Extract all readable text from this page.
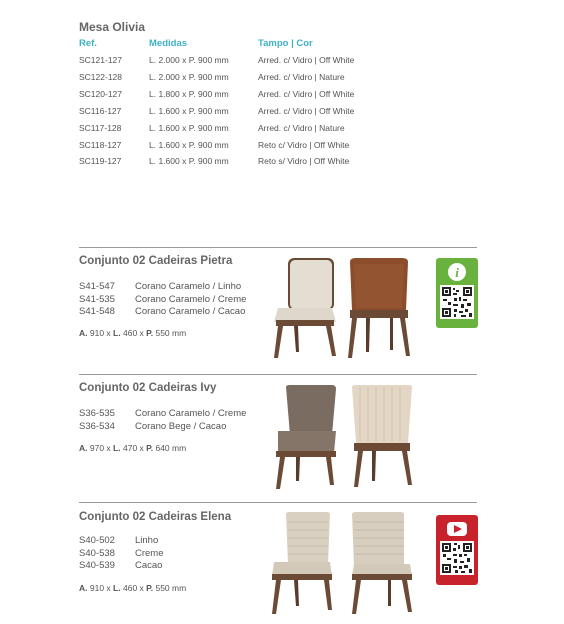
Mesa Olivia
Ref.	Medidas	Tampo | Cor
SC121-127	L. 2.000 x P. 900 mm	Arred. c/ Vidro | Off White
SC122-128	L. 2.000 x P. 900 mm	Arred. c/ Vidro | Nature
SC120-127	L. 1.800 x P. 900 mm	Arred. c/ Vidro | Off White
SC116-127	L. 1.600 x P. 900 mm	Arred. c/ Vidro | Off White
SC117-128	L. 1.600 x P. 900 mm	Arred. c/ Vidro | Nature
SC118-127	L. 1.600 x P. 900 mm	Reto c/ Vidro | Off White
SC119-127	L. 1.600 x P. 900 mm	Reto s/ Vidro | Off White
Conjunto 02 Cadeiras Pietra
S41-547 Corano Caramelo / Linho
S41-535 Corano Caramelo / Creme
S41-548 Corano Caramelo / Cacao
A. 910 x L. 460 x P. 550 mm
i
Conjunto 02 Cadeiras Ivy
S36-535 Corano Caramelo / Creme
S36-534 Corano Bege / Cacao
A. 970 x L. 470 x P. 640 mm
Conjunto 02 Cadeiras Elena
S40-502 Linho
S40-538 Creme
S40-539 Cacao
A. 910 x L. 460 x P. 550 mm
